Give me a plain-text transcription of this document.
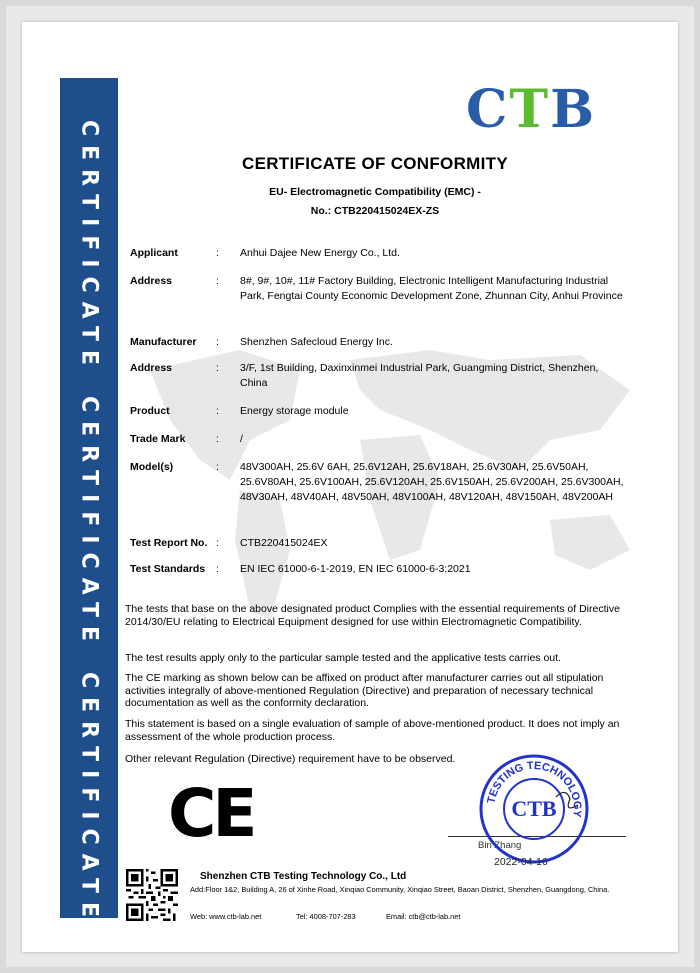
CERTIFICATE
CERTIFICATE
CERTIFICATE
CTB
CERTIFICATE OF CONFORMITY
EU- Electromagnetic Compatibility (EMC) -
No.: CTB220415024EX-ZS
Applicant	:	Anhui Dajee New Energy Co., Ltd.
Address	:	8#, 9#, 10#, 11# Factory Building, Electronic Intelligent Manufacturing Industrial Park, Fengtai County Economic Development Zone, Zhunnan City, Anhui Province
Manufacturer	:	Shenzhen Safecloud Energy Inc.
Address	:	3/F, 1st Building, Daxinxinmei Industrial Park, Guangming District, Shenzhen, China
Product	:	Energy storage module
Trade Mark	:	/
Model(s)	:	48V300AH, 25.6V 6AH, 25.6V12AH, 25.6V18AH, 25.6V30AH, 25.6V50AH, 25.6V80AH, 25.6V100AH, 25.6V120AH, 25.6V150AH, 25.6V200AH, 25.6V300AH, 48V30AH, 48V40AH, 48V50AH, 48V100AH, 48V120AH, 48V150AH, 48V200AH
Test Report No. :	CTB220415024EX
Test Standards	:	EN IEC 61000-6-1-2019, EN IEC 61000-6-3:2021
The tests that base on the above designated product Complies with the essential requirements of Directive 2014/30/EU relating to Electrical Equipment designed for use within Electromagnetic Compatibility.
The test results apply only to the particular sample tested and the applicative tests carries out.
The CE marking as shown below can be affixed on product after manufacturer carries out all stipulation activities integrally of above-mentioned Regulation (Directive) and preparation of necessary technical documentation as well as the conformity declaration.
This statement is based on a single evaluation of sample of above-mentioned product. It does not imply an assessment of the whole production process.
Other relevant Regulation (Directive) requirement have to be observed.
CE	Bin Zhang
TESTING TECHNOLOGY
CTB
2022-04-16
Shenzhen CTB Testing Technology Co., Ltd
Add:Floor 1&2, Building A, 26 of Xinhe Road, Xinqiao Community, Xinqiao Street, Baoan District, Shenzhen, Guangdong, China.
Web: www.ctb-lab.net	Tel: 4008-707-283	Email: ctb@ctb-lab.net
